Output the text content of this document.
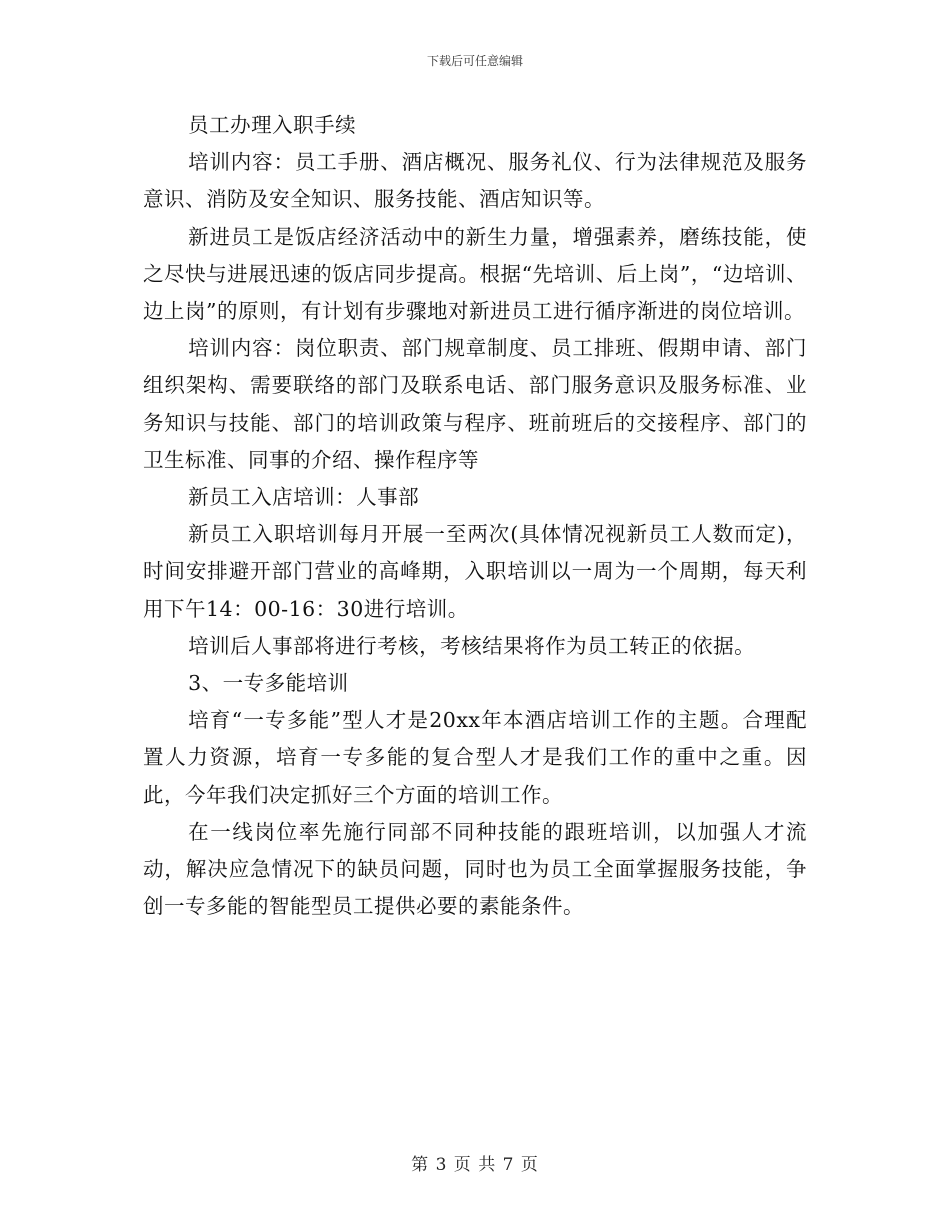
下载后可任意编辑

员工办理入职手续

培训内容：员工手册、酒店概况、服务礼仪、行为法律规范及服务意识、消防及安全知识、服务技能、酒店知识等。

新进员工是饭店经济活动中的新生力量，增强素养，磨练技能，使之尽快与进展迅速的饭店同步提高。根据“先培训、后上岗”，“边培训、边上岗”的原则，有计划有步骤地对新进员工进行循序渐进的岗位培训。

培训内容：岗位职责、部门规章制度、员工排班、假期申请、部门组织架构、需要联络的部门及联系电话、部门服务意识及服务标准、业务知识与技能、部门的培训政策与程序、班前班后的交接程序、部门的卫生标准、同事的介绍、操作程序等

新员工入店培训：人事部

新员工入职培训每月开展一至两次(具体情况视新员工人数而定)，时间安排避开部门营业的高峰期，入职培训以一周为一个周期，每天利用下午14：00-16：30进行培训。

培训后人事部将进行考核，考核结果将作为员工转正的依据。

3、一专多能培训

培育“一专多能”型人才是20xx年本酒店培训工作的主题。合理配置人力资源，培育一专多能的复合型人才是我们工作的重中之重。因此，今年我们决定抓好三个方面的培训工作。

在一线岗位率先施行同部不同种技能的跟班培训，以加强人才流动，解决应急情况下的缺员问题，同时也为员工全面掌握服务技能，争创一专多能的智能型员工提供必要的素能条件。

第 3 页 共 7 页
